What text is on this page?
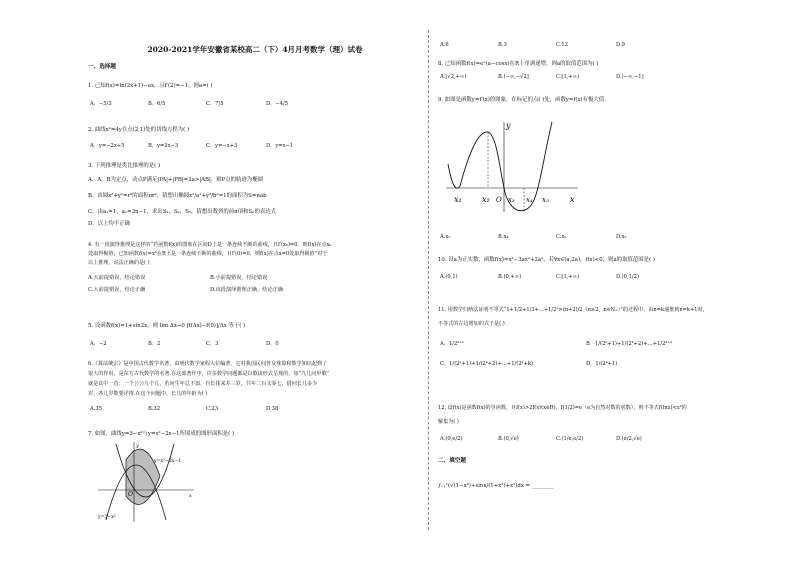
2020-2021学年安徽省某校高二（下）4月月考数学（理）试卷
一、选择题
1. 已知f(x)=ln(2x+1)−ax，且f′(2)=−1，则a=( )
A．−5/3	B．6/5	C．7/5	D．−4/5
2. 曲线x²=4y在点(2,1)处的切线方程为( )
A．y=−2x+5	B．y=2x−3	C．y=−x+3	D．y=x−1
3. 下列推理是类比推理的是( )
A．A，B为定点，动点P满足|PA|+|PB|=2a>|AB|，则P点的轨迹为椭圆
B．由圆x²+y²=r²的面积πr²，猜想出椭圆x²/a²+y²/b²=1的面积为S=πab
C．由a₁=1，aₙ=3n−1，求出S₁，S₂，S₃，猜想出数列的前n项和Sₙ的表达式
D．以上均不正确
4. 有一段演绎推理是这样的“若函数f(x)的图象在区间D上是一条连续不断的曲线，且f′(x₀)=0，则f(x)在点x₀
处取得极值；已知函数f(x)=x³在R上是一条连续不断的曲线，且f′(0)=0，则f(x)在点x=0处取得极值”对于
以上推理，说法正确的是( )
A.大前提错误，结论错误	B.小前提错误，结论错误
C.大前提错误，结论正确	D.该段演绎推理正确，结论正确
5. 设函数f(x)=1+sin2x，则 lim Δx→0 [f(Δx)−f(0)]/Δx 等于( )
A．−2	B．2	C．3	D．0
6.《算法统宗》是中国古代数学名著，由明代数学家程大位编著，它对我国民间普及珠算和数学知识起到了
很大的作用，是东方古代数学的名著.在这部著作中，许多数学问题都是以歌诀形式呈现的，如“九儿问甲歌”
就是其中一首：一个公公九个儿，若问生年总不知，自长排来差三岁，共年二百又零七，借问长儿多少
岁，各儿岁数要详推.在这个问题中，长儿的年龄为( )
A.35	B.32	C.23	D.38
7. 如图，曲线y=3−x²与y=x²−2x−1所围成的图形面积是( )
O	x
y
y=x²−2x−1
y=3−x²
A.6	B.3	C.12	D.9
8. 已知函数f(x)=eˣ(a−cosx)在R上单调递增，则a的取值范围为( )
A.[√2,+∞)	B.(−∞,−√2]	C.[1,+∞)	D.(−∞,−1]
9. 如图是函数y=f′(x)的图象，在标记的点( )处，函数y=f(x)有极大值.
y
x
O
x₁	x₂	x₃ x₄ x₅
A.x₂	B.x₄	C.x₅	D.x₃
10. 设a为正实数，函数f(x)=x³−3ax²+2a²，若∀x∈(a,2a)，f(x)<0，则a的取值范围是( )
A.(0,1)	B.(0,+∞)	C.[1,+∞)	D.(0,1/2)
11. 用数学归纳法证明不等式“1+1/2+1/3+…+1/2ⁿ>(n+2)/2（n≥2，n∈N₊）”的过程中，由n=k递推到n=k+1时，
不等式的左边增加的式子是( )
A．1/2ᵏ⁺¹	B．1/(2ᵏ+1)+1/(2ᵏ+2)+…+1/2ᵏ⁺¹
C．1/(2ᵏ+1)+1/(2ᵏ+2)+…+1/(2ᵏ+k)	D．1/(2ᵏ+1)
12. 设f(x)是函数f(x)的导函数，且f(x)>2f(x)(x∈R)，f(1/2)=e（e为自然对数的底数），则不等式f(lnx)<x²的
解集为( )
A.(0,e/2)	B.(0,√e)	C.(1/e,e/2)	D.(e/2,√e)
二、填空题
∫₋₁¹(√(1−x²)+sinx/(1+x²)+x³)dx = ________
